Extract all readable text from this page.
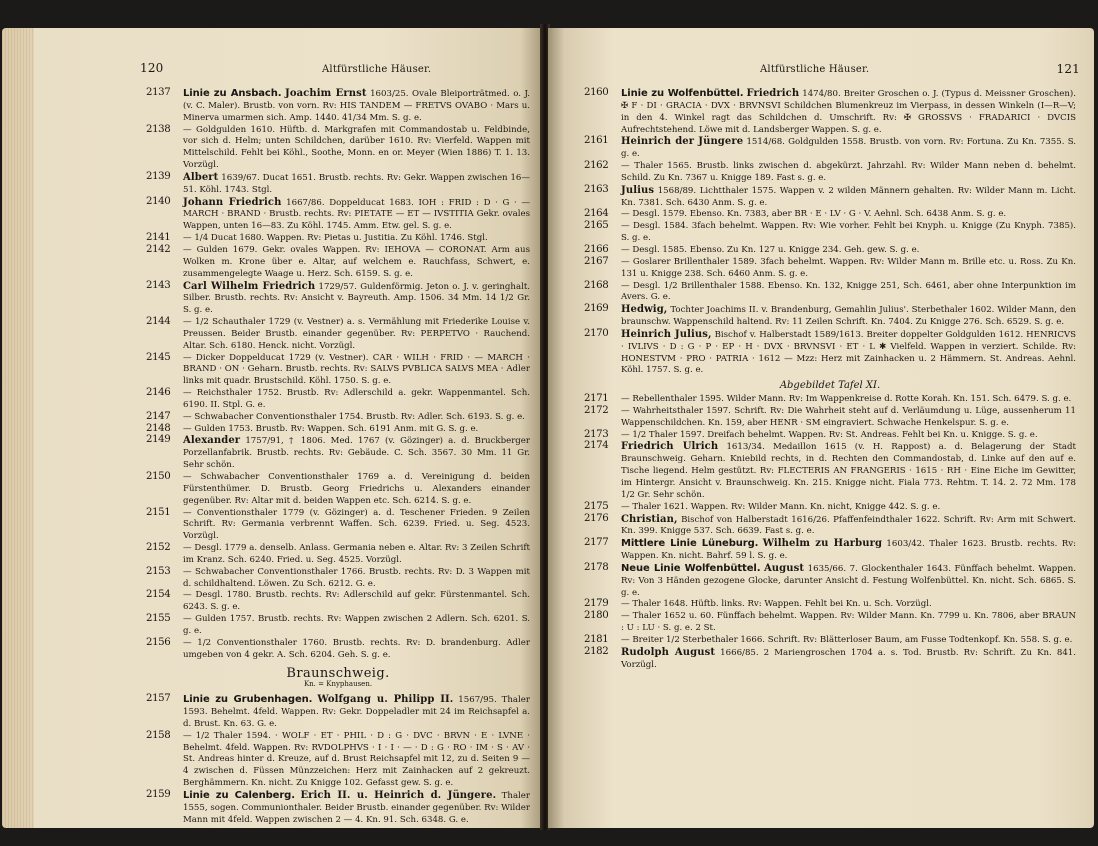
120	Altfürstliche Häuser.
2137	Linie zu Ansbach. Joachim Ernst 1603/25. Ovale Bleiporträtmed. o. J. (v. C. Maler). Brustb. von vorn. Rv: HIS TANDEM — FRETVS OVABO · Mars u. Minerva umarmen sich. Amp. 1440. 41/34 Mm. S. g. e.
2138	— Goldgulden 1610. Hüftb. d. Markgrafen mit Commandostab u. Feldbinde, vor sich d. Helm; unten Schildchen, darüber 1610. Rv: Vierfeld. Wappen mit Mittelschild. Fehlt bei Köhl., Soothe, Monn. en or. Meyer (Wien 1886) T. 1. 13. Vorzügl.
2139	Albert 1639/67. Ducat 1651. Brustb. rechts. Rv: Gekr. Wappen zwischen 16—51. Köhl. 1743. Stgl.
2140	Johann Friedrich 1667/86. Doppelducat 1683. IOH : FRID : D · G · — MARCH · BRAND · Brustb. rechts. Rv: PIETATE — ET — IVSTITIA Gekr. ovales Wappen, unten 16—83. Zu Köhl. 1745. Amm. Etw. gel. S. g. e.
2141	— 1/4 Ducat 1680. Wappen. Rv: Pietas u. Justitia. Zu Köhl. 1746. Stgl.
2142	— Gulden 1679. Gekr. ovales Wappen. Rv: IEHOVA — CORONAT. Arm aus Wolken m. Krone über e. Altar, auf welchem e. Rauchfass, Schwert, e. zusammengelegte Waage u. Herz. Sch. 6159. S. g. e.
2143	Carl Wilhelm Friedrich 1729/57. Guldenförmig. Jeton o. J. v. geringhalt. Silber. Brustb. rechts. Rv: Ansicht v. Bayreuth. Amp. 1506. 34 Mm. 14 1/2 Gr. S. g. e.
2144	— 1/2 Schauthaler 1729 (v. Vestner) a. s. Vermählung mit Friederike Louise v. Preussen. Beider Brustb. einander gegenüber. Rv: PERPETVO · Rauchend. Altar. Sch. 6180. Henck. nicht. Vorzügl.
2145	— Dicker Doppelducat 1729 (v. Vestner). CAR · WILH · FRID · — MARCH · BRAND · ON · Geharn. Brustb. rechts. Rv: SALVS PVBLICA SALVS MEA · Adler links mit quadr. Brustschild. Köhl. 1750. S. g. e.
2146	— Reichsthaler 1752. Brustb. Rv: Adlerschild a. gekr. Wappenmantel. Sch. 6190. II. Stpl. G. e.
2147	— Schwabacher Conventionsthaler 1754. Brustb. Rv: Adler. Sch. 6193. S. g. e.
2148	— Gulden 1753. Brustb. Rv: Wappen. Sch. 6191 Anm. mit G. S. g. e.
2149	Alexander 1757/91, † 1806. Med. 1767 (v. Gözinger) a. d. Bruckberger Porzellanfabrik. Brustb. rechts. Rv: Gebäude. C. Sch. 3567. 30 Mm. 11 Gr. Sehr schön.
2150	— Schwabacher Conventionsthaler 1769 a. d. Vereinigung d. beiden Fürstenthümer. D. Brustb. Georg Friedrichs u. Alexanders einander gegenüber. Rv: Altar mit d. beiden Wappen etc. Sch. 6214. S. g. e.
2151	— Conventionsthaler 1779 (v. Gözinger) a. d. Teschener Frieden. 9 Zeilen Schrift. Rv: Germania verbrennt Waffen. Sch. 6239. Fried. u. Seg. 4523. Vorzügl.
2152	— Desgl. 1779 a. denselb. Anlass. Germania neben e. Altar. Rv: 3 Zeilen Schrift im Kranz. Sch. 6240. Fried. u. Seg. 4525. Vorzügl.
2153	— Schwabacher Conventionsthaler 1766. Brustb. rechts. Rv: D. 3 Wappen mit d. schildhaltend. Löwen. Zu Sch. 6212. G. e.
2154	— Desgl. 1780. Brustb. rechts. Rv: Adlerschild auf gekr. Fürstenmantel. Sch. 6243. S. g. e.
2155	— Gulden 1757. Brustb. rechts. Rv: Wappen zwischen 2 Adlern. Sch. 6201. S. g. e.
2156	— 1/2 Conventionsthaler 1760. Brustb. rechts. Rv: D. brandenburg. Adler umgeben von 4 gekr. A. Sch. 6204. Geh. S. g. e.
Braunschweig.
Kn. = Knyphausen.
2157	Linie zu Grubenhagen. Wolfgang u. Philipp II. 1567/95. Thaler 1593. Behelmt. 4feld. Wappen. Rv: Gekr. Doppeladler mit 24 im Reichsapfel a. d. Brust. Kn. 63. G. e.
2158	— 1/2 Thaler 1594. · WOLF · ET · PHIL · D : G · DVC · BRVN · E · LVNE · Behelmt. 4feld. Wappen. Rv: RVDOLPHVS · I · I · — · D : G · RO · IM · S · AV · St. Andreas hinter d. Kreuze, auf d. Brust Reichsapfel mit 12, zu d. Seiten 9 — 4 zwischen d. Füssen Münzzeichen: Herz mit Zainhacken auf 2 gekreuzt. Berghämmern. Kn. nicht. Zu Knigge 102. Gefasst gew. S. g. e.
2159	Linie zu Calenberg. Erich II. u. Heinrich d. Jüngere. Thaler 1555, sogen. Communionthaler. Beider Brustb. einander gegenüber. Rv: Wilder Mann mit 4feld. Wappen zwischen 2 — 4. Kn. 91. Sch. 6348. G. e.
Altfürstliche Häuser.	121
2160	Linie zu Wolfenbüttel. Friedrich 1474/80. Breiter Groschen o. J. (Typus d. Meissner Groschen). ✠ F · DI · GRACIA · DVX · BRVNSVI Schildchen Blumenkreuz im Vierpass, in dessen Winkeln (I—R—V; in den 4. Winkel ragt das Schildchen d. Umschrift. Rv: ✠ GROSSVS · FRADARICI · DVCIS Aufrechtstehend. Löwe mit d. Landsberger Wappen. S. g. e.
2161	Heinrich der Jüngere 1514/68. Goldgulden 1558. Brustb. von vorn. Rv: Fortuna. Zu Kn. 7355. S. g. e.
2162	— Thaler 1565. Brustb. links zwischen d. abgekürzt. Jahrzahl. Rv: Wilder Mann neben d. behelmt. Schild. Zu Kn. 7367 u. Knigge 189. Fast s. g. e.
2163	Julius 1568/89. Lichtthaler 1575. Wappen v. 2 wilden Männern gehalten. Rv: Wilder Mann m. Licht. Kn. 7381. Sch. 6430 Anm. S. g. e.
2164	— Desgl. 1579. Ebenso. Kn. 7383, aber BR · E · LV · G · V. Aehnl. Sch. 6438 Anm. S. g. e.
2165	— Desgl. 1584. 3fach behelmt. Wappen. Rv: Wie vorher. Fehlt bei Knyph. u. Knigge (Zu Knyph. 7385). S. g. e.
2166	— Desgl. 1585. Ebenso. Zu Kn. 127 u. Knigge 234. Geh. gew. S. g. e.
2167	— Goslarer Brillenthaler 1589. 3fach behelmt. Wappen. Rv: Wilder Mann m. Brille etc. u. Ross. Zu Kn. 131 u. Knigge 238. Sch. 6460 Anm. S. g. e.
2168	— Desgl. 1/2 Brillenthaler 1588. Ebenso. Kn. 132, Knigge 251, Sch. 6461, aber ohne Interpunktion im Avers. G. e.
2169	Hedwig, Tochter Joachims II. v. Brandenburg, Gemahlin Julius'. Sterbethaler 1602. Wilder Mann, den braunschw. Wappenschild haltend. Rv: 11 Zeilen Schrift. Kn. 7404. Zu Knigge 276. Sch. 6529. S. g. e.
2170	Heinrich Julius, Bischof v. Halberstadt 1589/1613. Breiter doppelter Goldgulden 1612. HENRICVS · IVLIVS · D : G · P · EP · H · DVX · BRVNSVI · ET · L ✱ Vielfeld. Wappen in verziert. Schilde. Rv: HONESTVM · PRO · PATRIA · 1612 — Mzz: Herz mit Zainhacken u. 2 Hämmern. St. Andreas. Aehnl. Köhl. 1757. S. g. e.
Abgebildet Tafel XI.
2171	— Rebellenthaler 1595. Wilder Mann. Rv: Im Wappenkreise d. Rotte Korah. Kn. 151. Sch. 6479. S. g. e.
2172	— Wahrheitsthaler 1597. Schrift. Rv: Die Wahrheit steht auf d. Verläumdung u. Lüge, aussenherum 11 Wappenschildchen. Kn. 159, aber HENR · SM eingraviert. Schwache Henkelspur. S. g. e.
2173	— 1/2 Thaler 1597. Dreifach behelmt. Wappen. Rv: St. Andreas. Fehlt bei Kn. u. Knigge. S. g. e.
2174	Friedrich Ulrich 1613/34. Medaillon 1615 (v. H. Rappost) a. d. Belagerung der Stadt Braunschweig. Geharn. Kniebild rechts, in d. Rechten den Commandostab, d. Linke auf den auf e. Tische liegend. Helm gestützt. Rv: FLECTERIS AN FRANGERIS · 1615 · RH · Eine Eiche im Gewitter, im Hintergr. Ansicht v. Braunschweig. Kn. 215. Knigge nicht. Fiala 773. Rehtm. T. 14. 2. 72 Mm. 178 1/2 Gr. Sehr schön.
2175	— Thaler 1621. Wappen. Rv: Wilder Mann. Kn. nicht, Knigge 442. S. g. e.
2176	Christian, Bischof von Halberstadt 1616/26. Pfaffenfeindthaler 1622. Schrift. Rv: Arm mit Schwert. Kn. 399. Knigge 537. Sch. 6639. Fast s. g. e.
2177	Mittlere Linie Lüneburg. Wilhelm zu Harburg 1603/42. Thaler 1623. Brustb. rechts. Rv: Wappen. Kn. nicht. Bahrf. 59 l. S. g. e.
2178	Neue Linie Wolfenbüttel. August 1635/66. 7. Glockenthaler 1643. Fünffach behelmt. Wappen. Rv: Von 3 Händen gezogene Glocke, darunter Ansicht d. Festung Wolfenbüttel. Kn. nicht. Sch. 6865. S. g. e.
2179	— Thaler 1648. Hüftb. links. Rv: Wappen. Fehlt bei Kn. u. Sch. Vorzügl.
2180	— Thaler 1652 u. 60. Fünffach behelmt. Wappen. Rv: Wilder Mann. Kn. 7799 u. Kn. 7806, aber BRAUN : U : LU · S. g. e. 2 St.
2181	— Breiter 1/2 Sterbethaler 1666. Schrift. Rv: Blätterloser Baum, am Fusse Todtenkopf. Kn. 558. S. g. e.
2182	Rudolph August 1666/85. 2 Mariengroschen 1704 a. s. Tod. Brustb. Rv: Schrift. Zu Kn. 841. Vorzügl.
